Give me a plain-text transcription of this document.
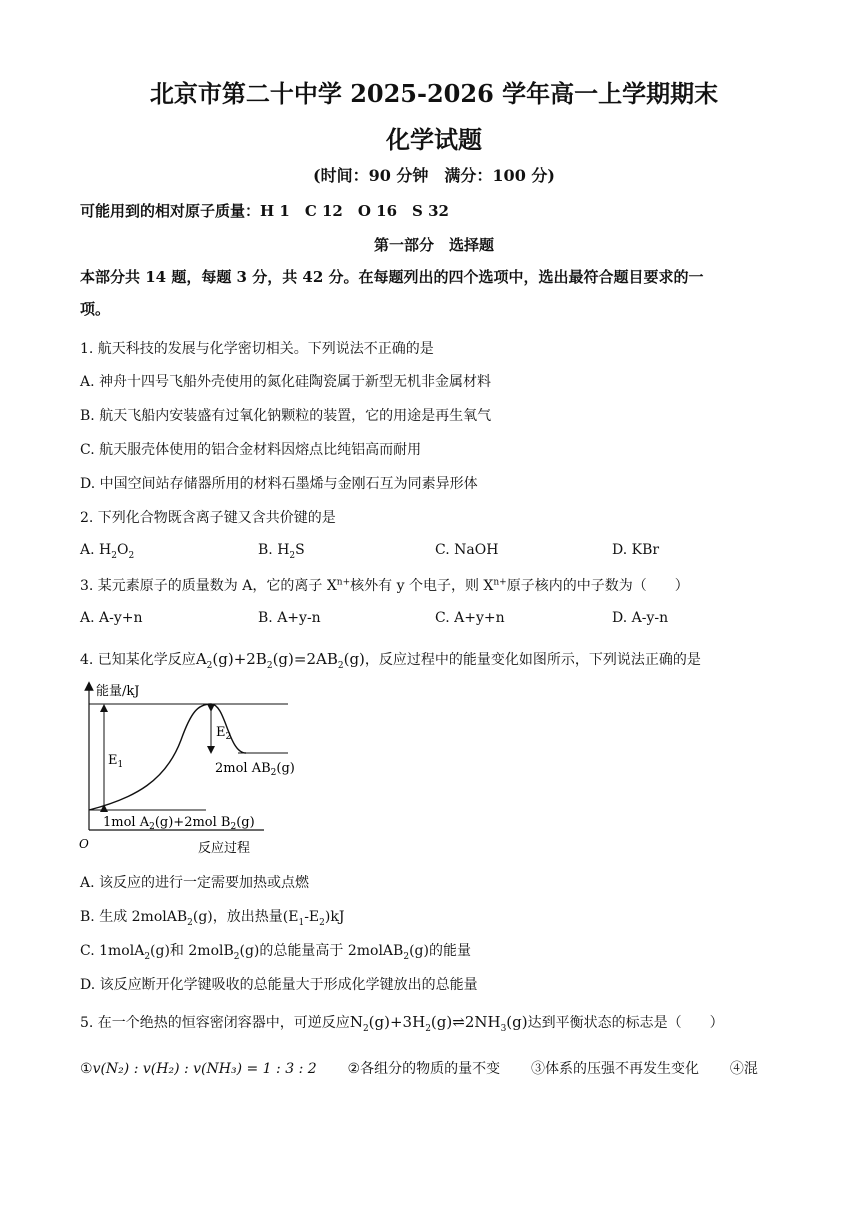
北京市第二十中学 2025-2026 学年高一上学期期末
化学试题
(时间：90 分钟　满分：100 分)
可能用到的相对原子质量：H 1　C 12　O 16　S 32
第一部分　选择题
本部分共 14 题，每题 3 分，共 42 分。在每题列出的四个选项中，选出最符合题目要求的一
项。
1. 航天科技的发展与化学密切相关。下列说法不正确的是
A. 神舟十四号飞船外壳使用的氮化硅陶瓷属于新型无机非金属材料
B. 航天飞船内安装盛有过氧化钠颗粒的装置，它的用途是再生氧气
C. 航天服壳体使用的铝合金材料因熔点比纯铝高而耐用
D. 中国空间站存储器所用的材料石墨烯与金刚石互为同素异形体
2. 下列化合物既含离子键又含共价键的是
A. $H_2O_2$	B. $H_2S$	C. NaOH	D. KBr
3. 某元素原子的质量数为 A，它的离子 $X^{n+}$核外有 y 个电子，则 $X^{n+}$原子核内的中子数为（　　）
A. A-y+n	B. A+y-n	C. A+y+n	D. A-y-n
4. 已知某化学反应$A_2(g)+2B_2(g)=2AB_2(g)$，反应过程中的能量变化如图所示，下列说法正确的是
能量/kJ
O	反应过程
$E_1$
$E_2$
2mol $AB_2(g)$
1mol $A_2(g)+2mol$ $B_2(g)$
A. 该反应的进行一定需要加热或点燃
B. 生成 2molAB$_2$(g)，放出热量$(E_1-E_2)kJ$
C. 1molA$_2$(g)和 2molB$_2$(g)的总能量高于 2molAB$_2$(g)的能量
D. 该反应断开化学键吸收的总能量大于形成化学键放出的总能量
5. 在一个绝热的恒容密闭容器中，可逆反应$N_2(g)+3H_2(g)\rightleftharpoons 2NH_3(g)$达到平衡状态的标志是（　　）
①v(N₂) : v(H₂) : v(NH₃) = 1 : 3 : 2 ②各组分的物质的量不变 ③体系的压强不再发生变化 ④混
